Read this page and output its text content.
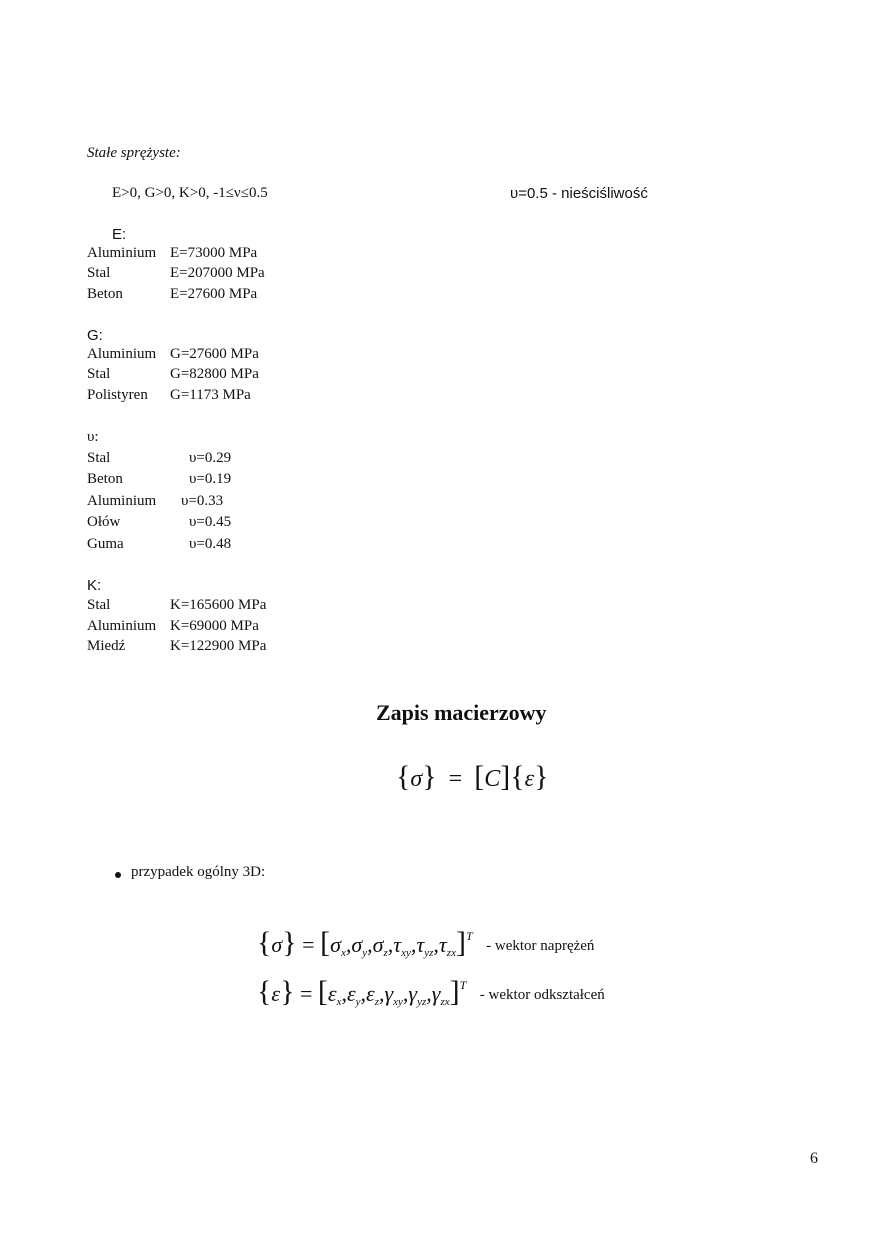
Stałe sprężyste:
E>0, G>0, K>0, -1≤ν≤0.5	υ=0.5 - nieściśliwość
E:
Aluminium E=73000 MPa
Stal	E=207000 MPa
Beton	E=27600 MPa
G:
Aluminium G=27600 MPa
Stal	G=82800 MPa
Polistyren G=1173 MPa
υ:
Stal	υ=0.29
Beton	υ=0.19
Aluminium υ=0.33
Ołów	υ=0.45
Guma	υ=0.48
K:
Stal	K=165600 MPa
Aluminium K=69000 MPa
Miedź	K=122900 MPa
Zapis macierzowy
{σ}  =  [C]{ε}
przypadek ogólny 3D:
$\{\sigma\} = [\sigma_x,\sigma_y,\sigma_z,\tau_{xy},\tau_{yz},\tau_{zx}]^T$ - wektor naprężeń
$\{\varepsilon\} = [\varepsilon_x,\varepsilon_y,\varepsilon_z,\gamma_{xy},\gamma_{yz},\gamma_{zx}]^T$ - wektor odkształceń
6
